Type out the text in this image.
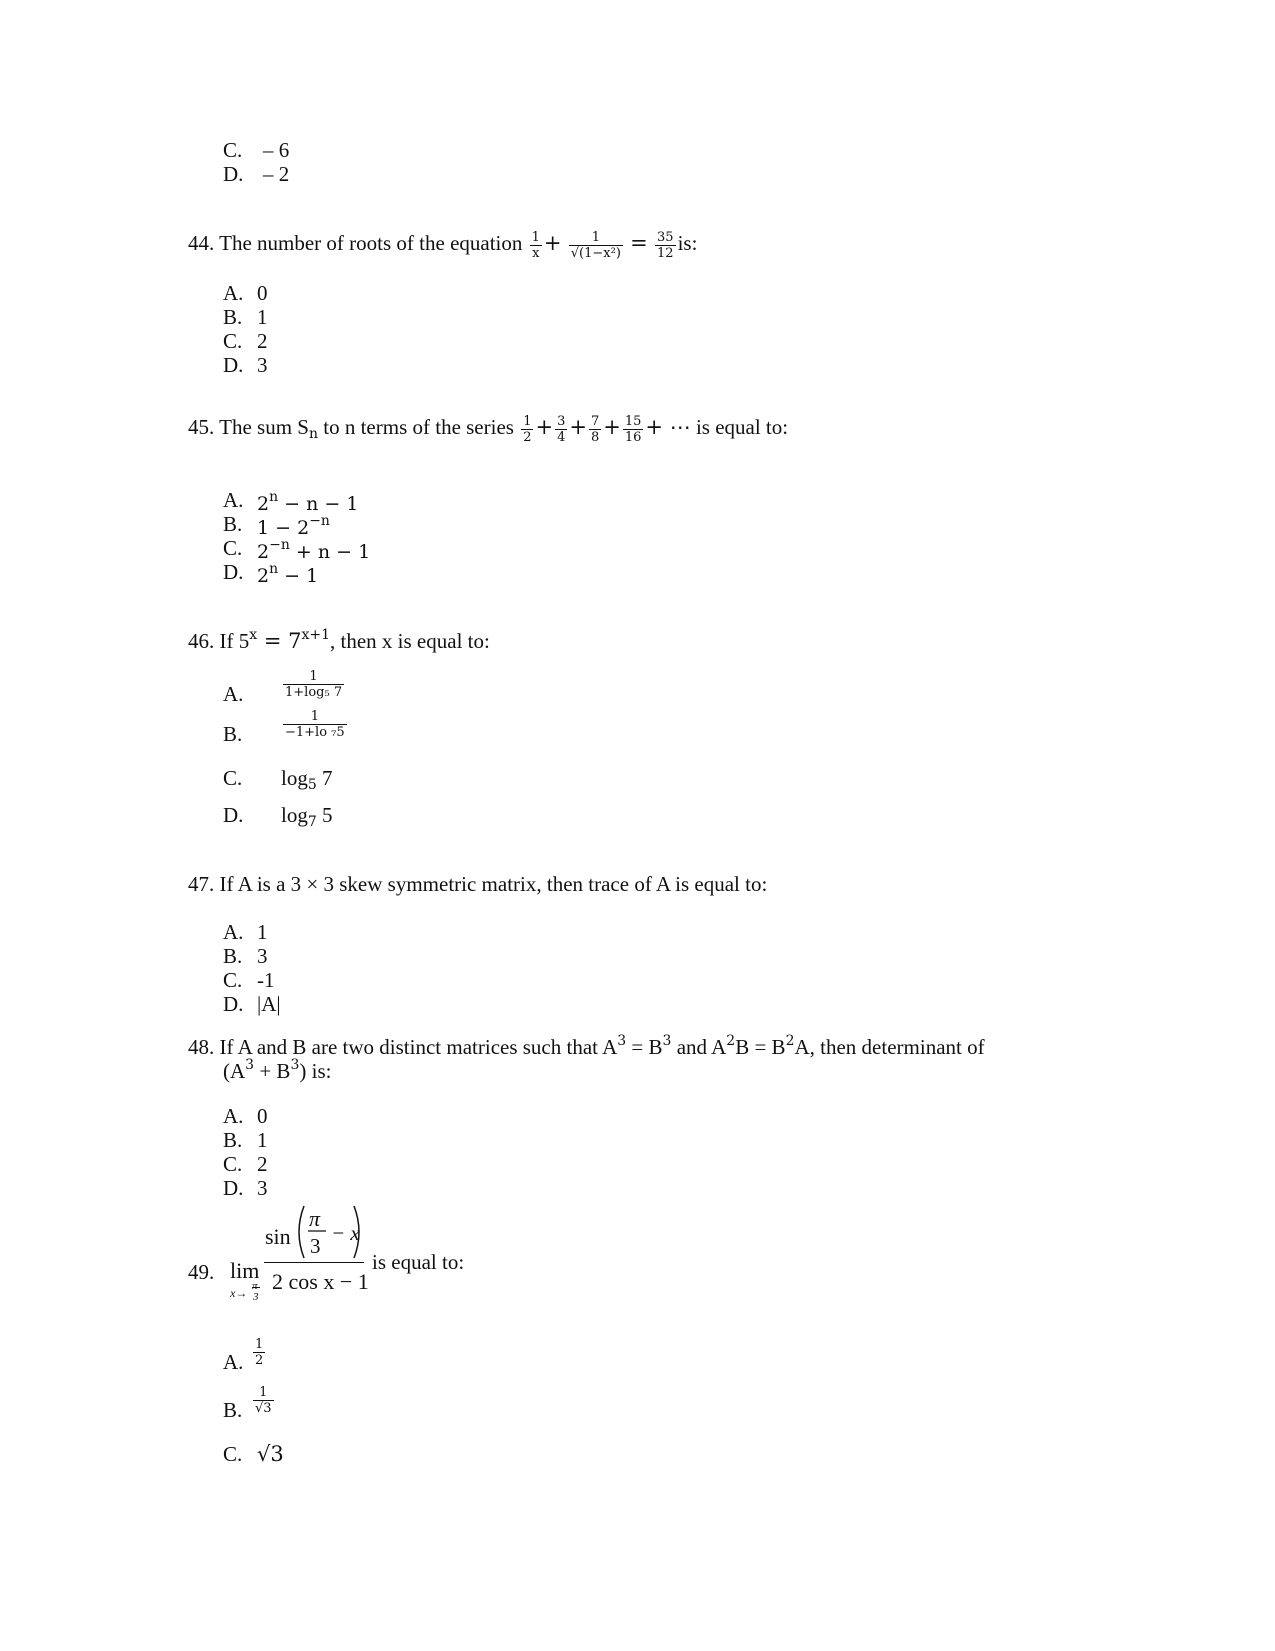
C. – 6
D. – 2
44. The number of roots of the equation $\frac{1}{x} + \frac{1}{\text{√(1−x²)}} = \frac{35}{12}$ is:
A. 0
B. 1
C. 2
D. 3
45. The sum $S_n$ to n terms of the series $\frac{1}{2} + \frac{3}{4} + \frac{7}{8} + \frac{15}{16}$ + ⋯ is equal to:
A. $2^n - n - 1$
B. $1 - 2^{-n}$
C. $2^{-n} + n - 1$
D. $2^n - 1$
46. If $5^x = 7^{x+1}$, then x is equal to:
A.	$\frac{1}{\text{1+log₅ 7}}$
B.	$\frac{1}{\text{−1+lo ₇5}}$
C. $\log_5 7$
D. $\log_7 5$
47. If A is a 3 × 3 skew symmetric matrix, then trace of A is equal to:
A. 1
B. 3
C. -1
D. |A|
48. If A and B are two distinct matrices such that $A^3 = B^3$ and $A^2B = B^2A$, then determinant of
$(A^3 + B^3)$ is:
A. 0
B. 1
C. 2
D. 3
49. lim
x→ π
3
sin
π
3
− x
2 cos x − 1
is equal to:
A. $\frac{1}{2}$
B. $\frac{1}{√3}$
C. √3
